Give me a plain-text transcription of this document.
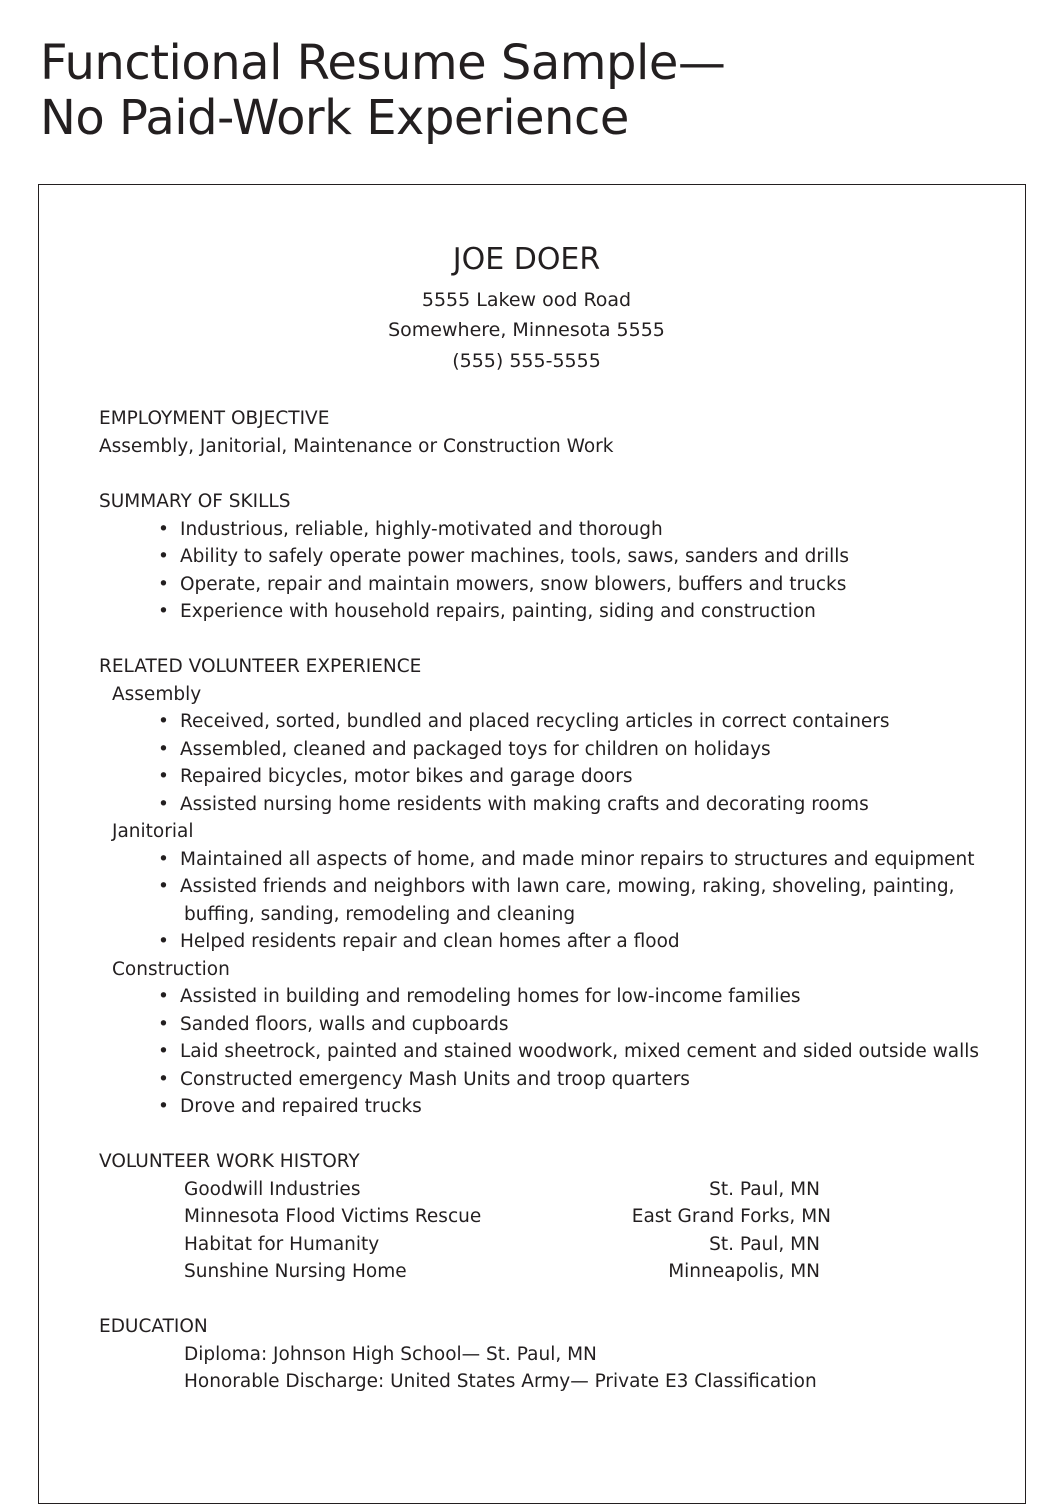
Functional Resume Sample—
No Paid-Work Experience
JOE DOER
5555 Lakew ood Road
Somewhere, Minnesota 5555
(555) 555-5555
EMPLOYMENT OBJECTIVE
Assembly, Janitorial, Maintenance or Construction Work
SUMMARY OF SKILLS
• Industrious, reliable, highly-motivated and thorough
• Ability to safely operate power machines, tools, saws, sanders and drills
• Operate, repair and maintain mowers, snow blowers, buffers and trucks
• Experience with household repairs, painting, siding and construction
RELATED VOLUNTEER EXPERIENCE
Assembly
• Received, sorted, bundled and placed recycling articles in correct containers
• Assembled, cleaned and packaged toys for children on holidays
• Repaired bicycles, motor bikes and garage doors
• Assisted nursing home residents with making crafts and decorating rooms
Janitorial
• Maintained all aspects of home, and made minor repairs to structures and equipment
• Assisted friends and neighbors with lawn care, mowing, raking, shoveling, painting,
buffing, sanding, remodeling and cleaning
• Helped residents repair and clean homes after a flood
Construction
• Assisted in building and remodeling homes for low-income families
• Sanded floors, walls and cupboards
• Laid sheetrock, painted and stained woodwork, mixed cement and sided outside walls
• Constructed emergency Mash Units and troop quarters
• Drove and repaired trucks
VOLUNTEER WORK HISTORY
Goodwill Industries	St. Paul, MN
Minnesota Flood Victims Rescue	East Grand Forks, MN
Habitat for Humanity	St. Paul, MN
Sunshine Nursing Home	Minneapolis, MN
EDUCATION
Diploma: Johnson High School— St. Paul, MN
Honorable Discharge: United States Army— Private E3 Classification
